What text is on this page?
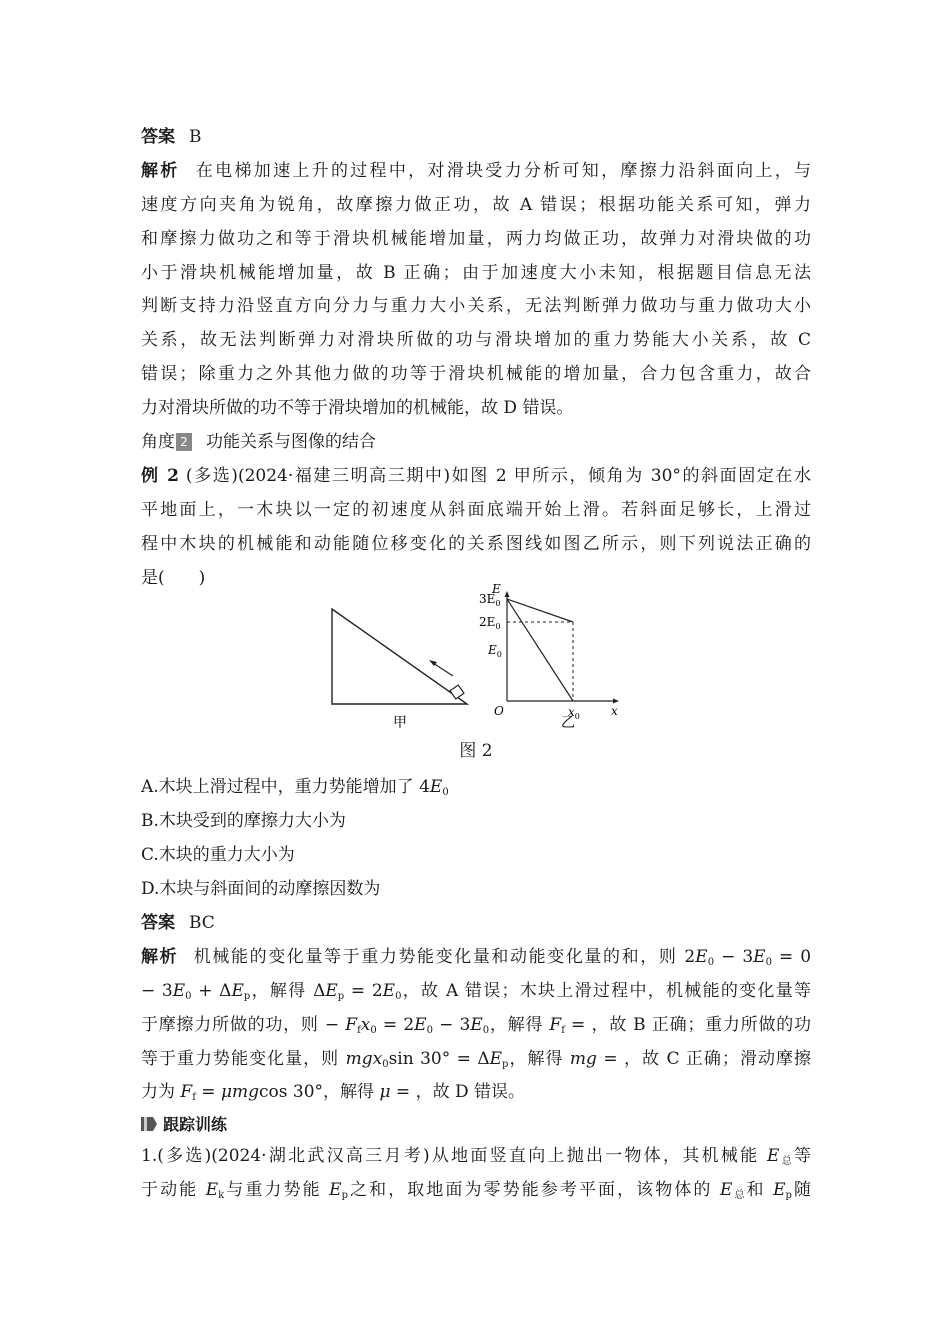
答案 B
解析 在电梯加速上升的过程中，对滑块受力分析可知，摩擦力沿斜面向上，与
速度方向夹角为锐角，故摩擦力做正功，故 A 错误；根据功能关系可知，弹力
和摩擦力做功之和等于滑块机械能增加量，两力均做正功，故弹力对滑块做的功
小于滑块机械能增加量，故 B 正确；由于加速度大小未知，根据题目信息无法
判断支持力沿竖直方向分力与重力大小关系，无法判断弹力做功与重力做功大小
关系，故无法判断弹力对滑块所做的功与滑块增加的重力势能大小关系，故 C
错误；除重力之外其他力做的功等于滑块机械能的增加量，合力包含重力，故合
力对滑块所做的功不等于滑块增加的机械能，故 D 错误。
角度 2 功能关系与图像的结合
例 2 (多选)(2024·福建三明高三期中)如图 2 甲所示，倾角为 30°的斜面固定在水
平地面上，一木块以一定的初速度从斜面底端开始上滑。若斜面足够长，上滑过
程中木块的机械能和动能随位移变化的关系图线如图乙所示，则下列说法正确的
是(　　)
甲
E
x
O
$3E_0$
$2E_0$
$E_0$
$x_0$
乙
图 2
A.木块上滑过程中，重力势能增加了 $4E_0$
B.木块受到的摩擦力大小为
C.木块的重力大小为
D.木块与斜面间的动摩擦因数为
答案 BC
解析 机械能的变化量等于重力势能变化量和动能变化量的和，则 $2E_0 - 3E_0 = 0$
− $3E_0 + \Delta E_p$，解得 $\Delta E_p = 2E_0$，故 A 错误；木块上滑过程中，机械能的变化量等
于摩擦力所做的功，则 − $F_fx_0 = 2E_0 - 3E_0$，解得 $F_f$ = ，故 B 正确；重力所做的功
等于重力势能变化量，则 mgx$_0$sin $30^\circ = \Delta E_p$，解得 mg = ，故 C 正确；滑动摩擦
力为 $F_f = \mu mgcos$ 30°，解得 μ = ，故 D 错误。
跟踪训练
1.(多选)(2024·湖北武汉高三月考)从地面竖直向上抛出一物体，其机械能 $E_总$等
于动能 $E_k$与重力势能 $E_p$之和，取地面为零势能参考平面，该物体的 $E_总$和 $E_p$随
